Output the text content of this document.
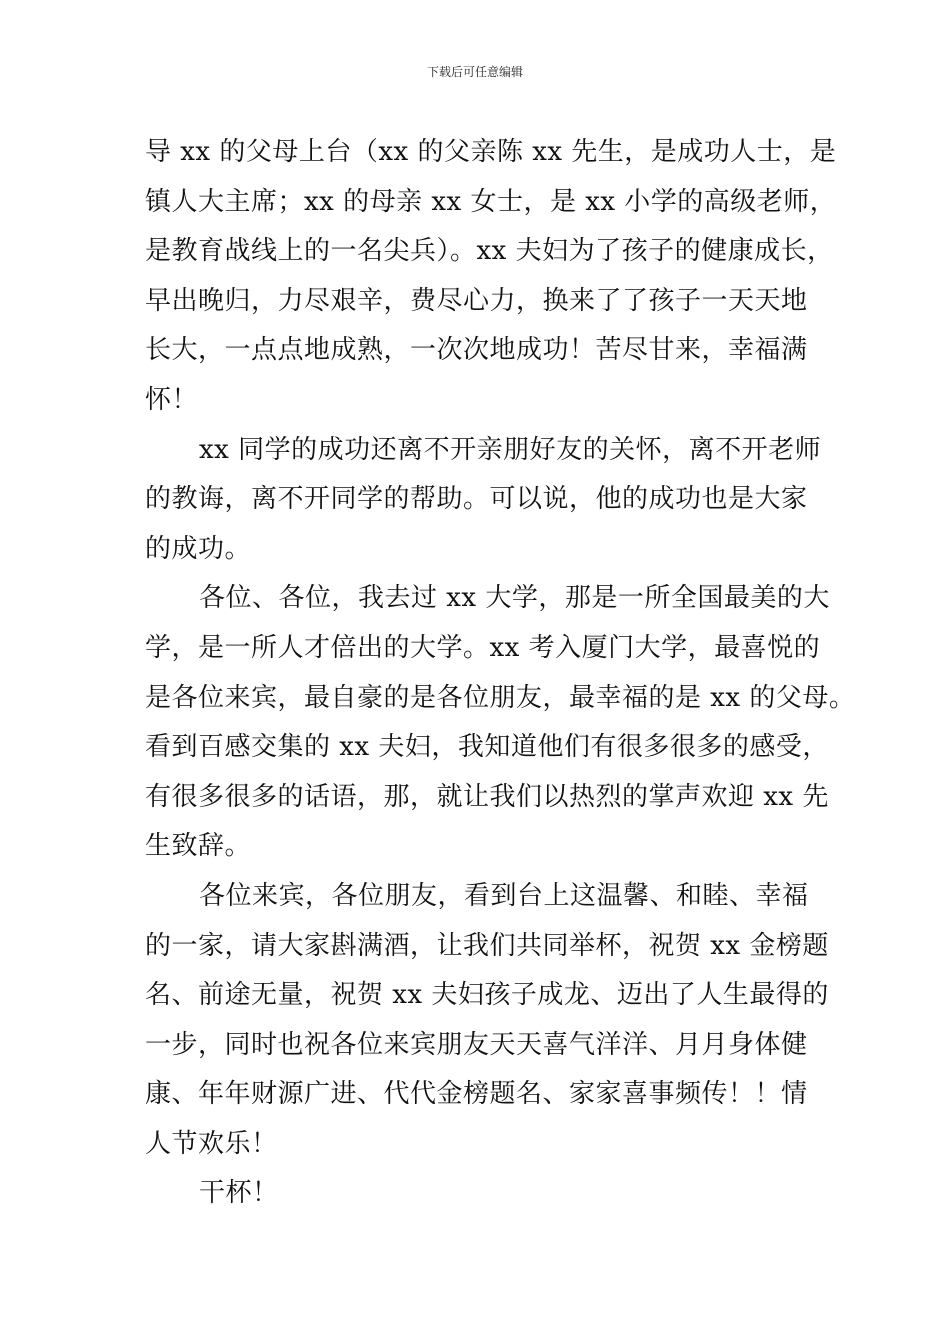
下载后可任意编辑
导 xx 的父母上台（xx 的父亲陈 xx 先生，是成功人士，是
镇人大主席；xx 的母亲 xx 女士，是 xx 小学的高级老师，
是教育战线上的一名尖兵）。xx 夫妇为了孩子的健康成长，
早出晚归，力尽艰辛，费尽心力，换来了了孩子一天天地
长大，一点点地成熟，一次次地成功！苦尽甘来，幸福满
怀！
xx 同学的成功还离不开亲朋好友的关怀，离不开老师
的教诲，离不开同学的帮助。可以说，他的成功也是大家
的成功。
各位、各位，我去过 xx 大学，那是一所全国最美的大
学，是一所人才倍出的大学。xx 考入厦门大学，最喜悦的
是各位来宾，最自豪的是各位朋友，最幸福的是 xx 的父母。
看到百感交集的 xx 夫妇，我知道他们有很多很多的感受，
有很多很多的话语，那，就让我们以热烈的掌声欢迎 xx 先
生致辞。
各位来宾，各位朋友，看到台上这温馨、和睦、幸福
的一家，请大家斟满酒，让我们共同举杯，祝贺 xx 金榜题
名、前途无量，祝贺 xx 夫妇孩子成龙、迈出了人生最得的
一步，同时也祝各位来宾朋友天天喜气洋洋、月月身体健
康、年年财源广进、代代金榜题名、家家喜事频传！！情
人节欢乐！
干杯！
